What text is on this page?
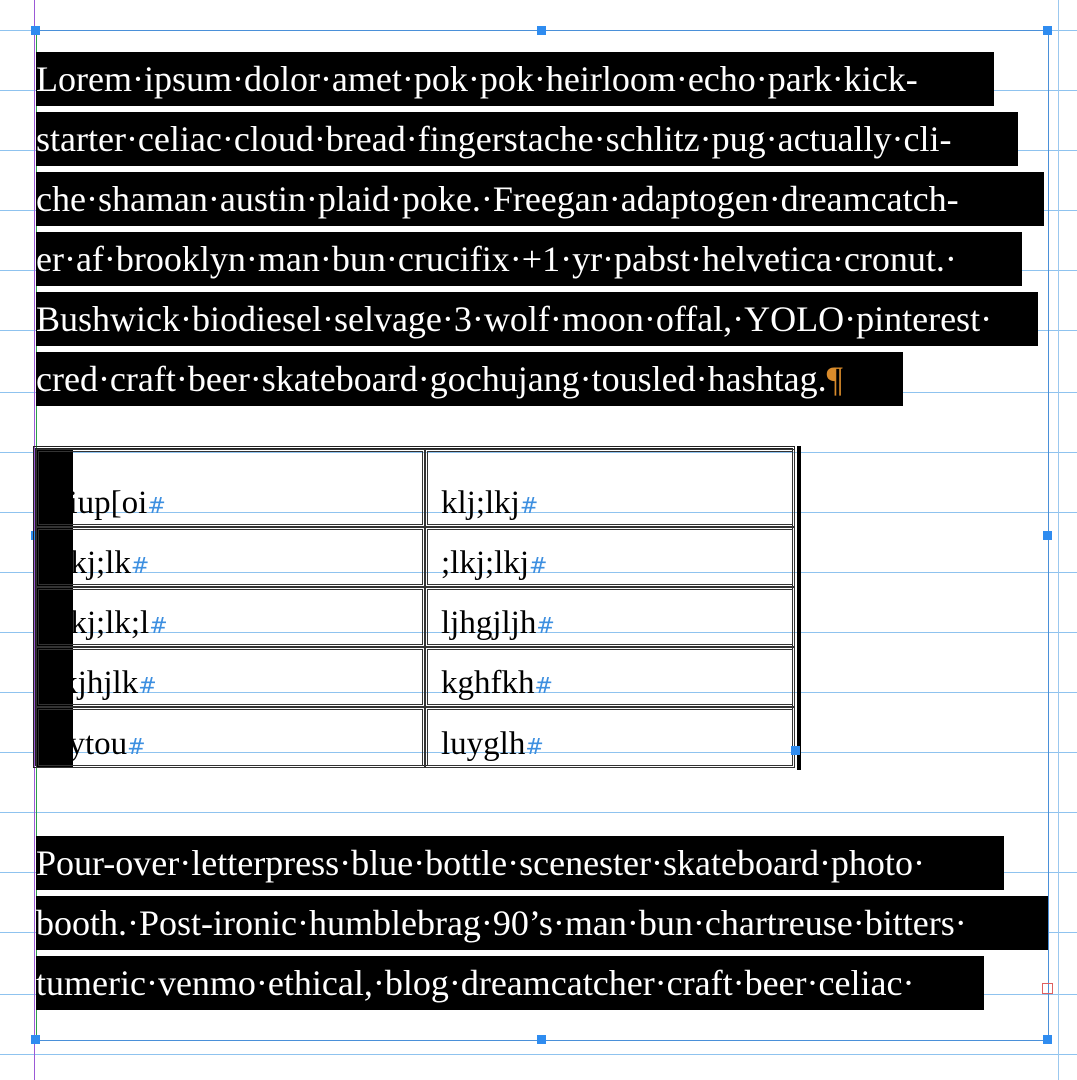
Lorem·ipsum·dolor·amet·pok·pok·heirloom·echo·park·kick-
starter·celiac·cloud·bread·fingerstache·schlitz·pug·actually·cli-
che·shaman·austin·plaid·poke.·Freegan·adaptogen·dreamcatch-
er·af·brooklyn·man·bun·crucifix·+1·yr·pabst·helvetica·cronut.·
Bushwick·biodiesel·selvage·3·wolf·moon·offal,·YOLO·pinterest·
cred·craft·beer·skateboard·gochujang·tousled·hashtag.¶
oiup[oi#	klj;lkj#
l;kj;lk#	;lkj;lkj#
;lkj;lk;l#	ljhgjljh#
lkjhjlk#	kghfkh#
uytou#	luyglh#
Pour-over·letterpress·blue·bottle·scenester·skateboard·photo·
booth.·Post-ironic·humblebrag·90’s·man·bun·chartreuse·bitters·
tumeric·venmo·ethical,·blog·dreamcatcher·craft·beer·celiac·
